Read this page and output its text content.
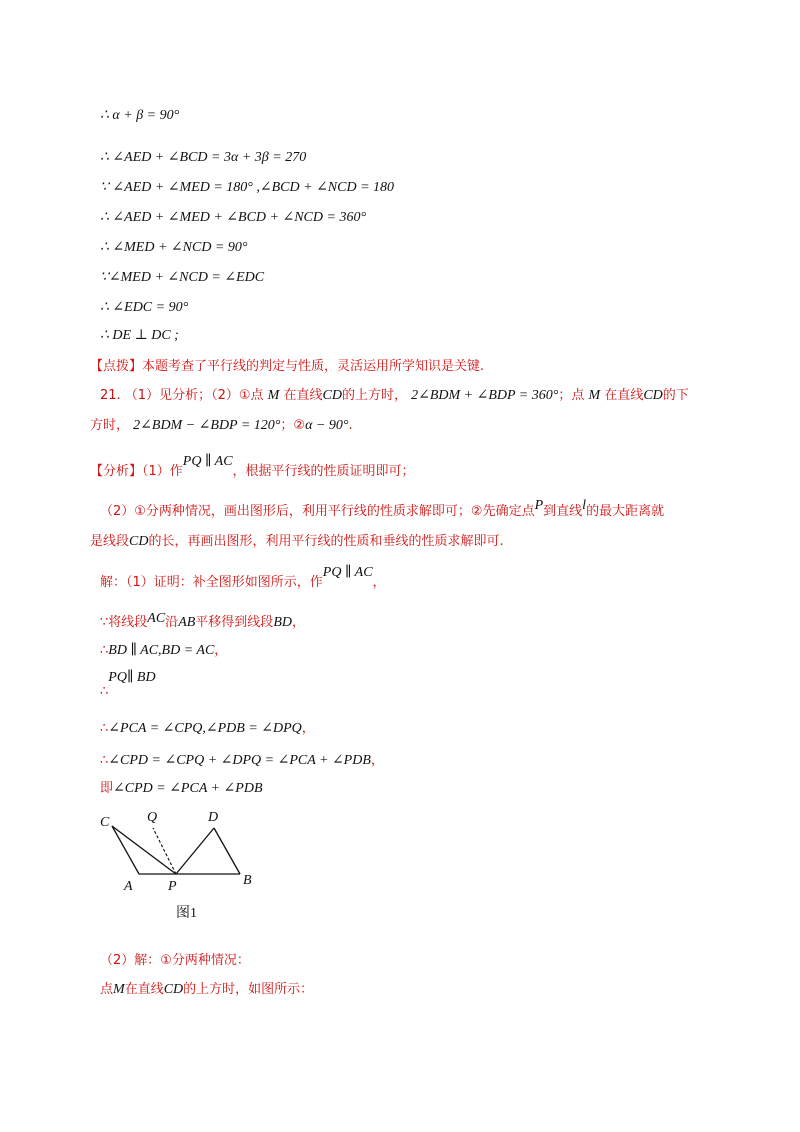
∴ α + β = 90°
∴ ∠AED + ∠BCD = 3α + 3β = 270
∵ ∠AED + ∠MED = 180° ,∠BCD + ∠NCD = 180
∴ ∠AED + ∠MED + ∠BCD + ∠NCD = 360°
∴ ∠MED + ∠NCD = 90°
∵∠MED + ∠NCD = ∠EDC
∴ ∠EDC = 90°
∴ DE ⊥ DC ;
【点拨】本题考查了平行线的判定与性质，灵活运用所学知识是关键.
21. （1）见分析；（2）①点 M 在直线CD的上方时， 2∠BDM + ∠BDP = 360°；点 M 在直线CD的下
方时， 2∠BDM − ∠BDP = 120°；②α − 90°.
【分析】（1）作PQ ∥ AC，根据平行线的性质证明即可；
（2）①分两种情况，画出图形后，利用平行线的性质求解即可；②先确定点P到直线l的最大距离就
是线段CD的长，再画出图形，利用平行线的性质和垂线的性质求解即可.
解：（1）证明：补全图形如图所示，作PQ ∥ AC，
∵将线段AC沿AB平移得到线段BD，
∴BD ∥ AC,BD = AC，
∴PQ∥ BD
∴∠PCA = ∠CPQ,∠PDB = ∠DPQ，
∴∠CPD = ∠CPQ + ∠DPQ = ∠PCA + ∠PDB，
即∠CPD = ∠PCA + ∠PDB
C	Q	D
A	P	B
图1
（2）解：①分两种情况：
点M在直线CD的上方时，如图所示：
